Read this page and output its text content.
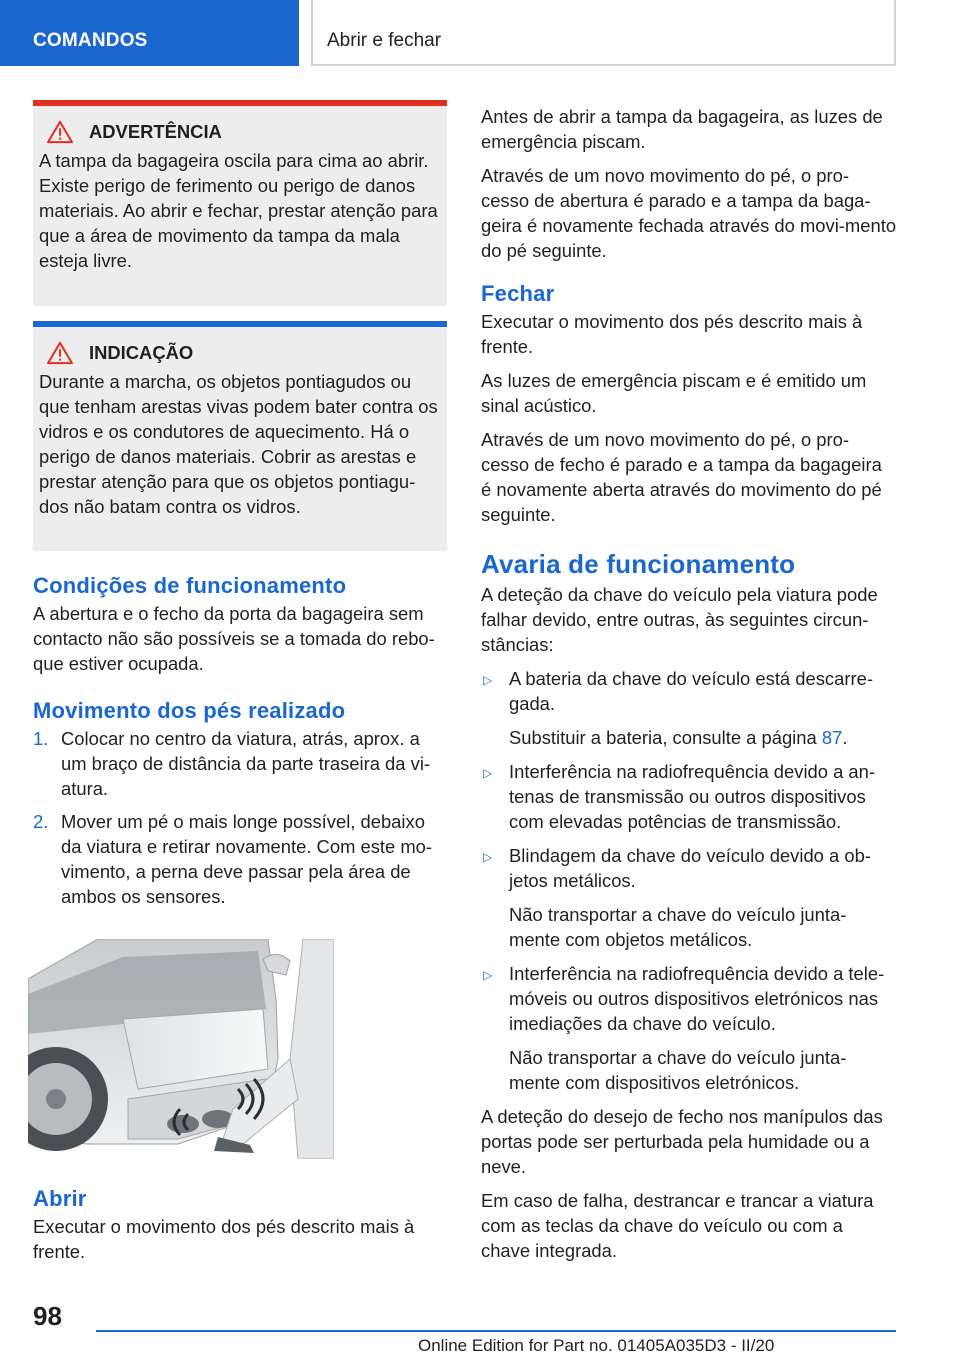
COMANDOS	Abrir e fechar
ADVERTÊNCIA

A tampa da bagageira oscila para cima ao abrir. Existe perigo de ferimento ou perigo de danos materiais. Ao abrir e fechar, prestar atenção para que a área de movimento da tampa da mala esteja livre.

INDICAÇÃO

Durante a marcha, os objetos pontiagudos ou que tenham arestas vivas podem bater contra os vidros e os condutores de aquecimento. Há o perigo de danos materiais. Cobrir as arestas e prestar atenção para que os objetos pontiagu-dos não batam contra os vidros.

Condições de funcionamento

A abertura e o fecho da porta da bagageira sem contacto não são possíveis se a tomada do rebo-que estiver ocupada.

Movimento dos pés realizado
1. Colocar no centro da viatura, atrás, aprox. a um braço de distância da parte traseira da vi-atura.
2. Mover um pé o mais longe possível, debaixo da viatura e retirar novamente. Com este mo-vimento, a perna deve passar pela área de ambos os sensores.
Abrir

Executar o movimento dos pés descrito mais à frente.

Antes de abrir a tampa da bagageira, as luzes de emergência piscam.

Através de um novo movimento do pé, o pro-cesso de abertura é parado e a tampa da baga-geira é novamente fechada através do movi-mento do pé seguinte.

Fechar

Executar o movimento dos pés descrito mais à frente.

As luzes de emergência piscam e é emitido um sinal acústico.

Através de um novo movimento do pé, o pro-cesso de fecho é parado e a tampa da bagageira é novamente aberta através do movimento do pé seguinte.

Avaria de funcionamento

A deteção da chave do veículo pela viatura pode falhar devido, entre outras, às seguintes circun-stâncias:

▷ A bateria da chave do veículo está descarre-gada.
Substituir a bateria, consulte a página 87.
▷ Interferência na radiofrequência devido a an-tenas de transmissão ou outros dispositivos com elevadas potências de transmissão.
▷ Blindagem da chave do veículo devido a ob-jetos metálicos.
Não transportar a chave do veículo junta-mente com objetos metálicos.
▷ Interferência na radiofrequência devido a tele-móveis ou outros dispositivos eletrónicos nas imediações da chave do veículo.
Não transportar a chave do veículo junta-mente com dispositivos eletrónicos.

A deteção do desejo de fecho nos manípulos das portas pode ser perturbada pela humidade ou a neve.

Em caso de falha, destrancar e trancar a viatura com as teclas da chave do veículo ou com a chave integrada.

98
Online Edition for Part no. 01405A035D3 - II/20
